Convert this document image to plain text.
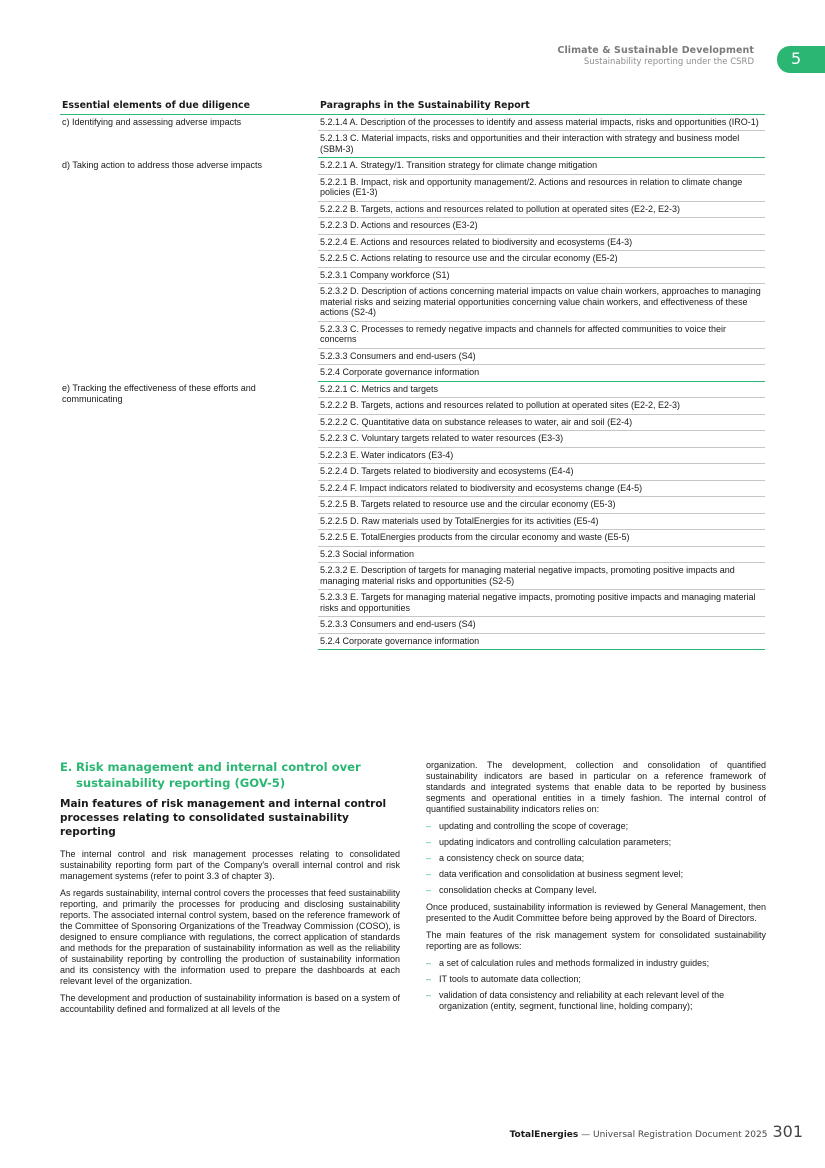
Climate & Sustainable Development
Sustainability reporting under the CSRD 5
Essential elements of due diligence	Paragraphs in the Sustainability Report
c) Identifying and assessing adverse impacts	5.2.1.4 A. Description of the processes to identify and assess material impacts, risks and opportunities (IRO-1)
	5.2.1.3 C. Material impacts, risks and opportunities and their interaction with strategy and business model (SBM-3)
d) Taking action to address those adverse impacts	5.2.2.1 A. Strategy/1. Transition strategy for climate change mitigation
	5.2.2.1 B. Impact, risk and opportunity management/2. Actions and resources in relation to climate change policies (E1-3)
	5.2.2.2 B. Targets, actions and resources related to pollution at operated sites (E2-2, E2-3)
	5.2.2.3 D. Actions and resources (E3-2)
	5.2.2.4 E. Actions and resources related to biodiversity and ecosystems (E4-3)
	5.2.2.5 C. Actions relating to resource use and the circular economy (E5-2)
	5.2.3.1 Company workforce (S1)
	5.2.3.2 D. Description of actions concerning material impacts on value chain workers, approaches to managing material risks and seizing material opportunities concerning value chain workers, and effectiveness of these actions (S2-4)
	5.2.3.3 C. Processes to remedy negative impacts and channels for affected communities to voice their concerns
	5.2.3.3 Consumers and end-users (S4)
	5.2.4 Corporate governance information
e) Tracking the effectiveness of these efforts and communicating	5.2.2.1 C. Metrics and targets
	5.2.2.2 B. Targets, actions and resources related to pollution at operated sites (E2-2, E2-3)
	5.2.2.2 C. Quantitative data on substance releases to water, air and soil (E2-4)
	5.2.2.3 C. Voluntary targets related to water resources (E3-3)
	5.2.2.3 E. Water indicators (E3-4)
	5.2.2.4 D. Targets related to biodiversity and ecosystems (E4-4)
	5.2.2.4 F. Impact indicators related to biodiversity and ecosystems change (E4-5)
	5.2.2.5 B. Targets related to resource use and the circular economy (E5-3)
	5.2.2.5 D. Raw materials used by TotalEnergies for its activities (E5-4)
	5.2.2.5 E. TotalEnergies products from the circular economy and waste (E5-5)
	5.2.3 Social information
	5.2.3.2 E. Description of targets for managing material negative impacts, promoting positive impacts and managing material risks and opportunities (S2-5)
	5.2.3.3 E. Targets for managing material negative impacts, promoting positive impacts and managing material risks and opportunities
	5.2.3.3 Consumers and end-users (S4)
	5.2.4 Corporate governance information
E. Risk management and internal control over
sustainability reporting (GOV-5)
Main features of risk management and internal control processes relating to consolidated sustainability reporting

The internal control and risk management processes relating to consolidated sustainability reporting form part of the Company's overall internal control and risk management systems (refer to point 3.3 of chapter 3).

As regards sustainability, internal control covers the processes that feed sustainability reporting, and primarily the processes for producing and disclosing sustainability reports. The associated internal control system, based on the reference framework of the Committee of Sponsoring Organizations of the Treadway Commission (COSO), is designed to ensure compliance with regulations, the correct application of standards and methods for the preparation of sustainability information as well as the reliability of sustainability reporting by controlling the production of sustainability information and its consistency with the information used to prepare the dashboards at each relevant level of the organization.

The development and production of sustainability information is based on a system of accountability defined and formalized at all levels of the

organization. The development, collection and consolidation of quantified sustainability indicators are based in particular on a reference framework of standards and integrated systems that enable data to be reported by business segments and operational entities in a timely fashion. The internal control of quantified sustainability indicators relies on:

– updating and controlling the scope of coverage;
– updating indicators and controlling calculation parameters;
– a consistency check on source data;
– data verification and consolidation at business segment level;
– consolidation checks at Company level.

Once produced, sustainability information is reviewed by General Management, then presented to the Audit Committee before being approved by the Board of Directors.

The main features of the risk management system for consolidated sustainability reporting are as follows:

– a set of calculation rules and methods formalized in industry guides;
– IT tools to automate data collection;
– validation of data consistency and reliability at each relevant level of the organization (entity, segment, functional line, holding company);
TotalEnergies — Universal Registration Document 2025 301
